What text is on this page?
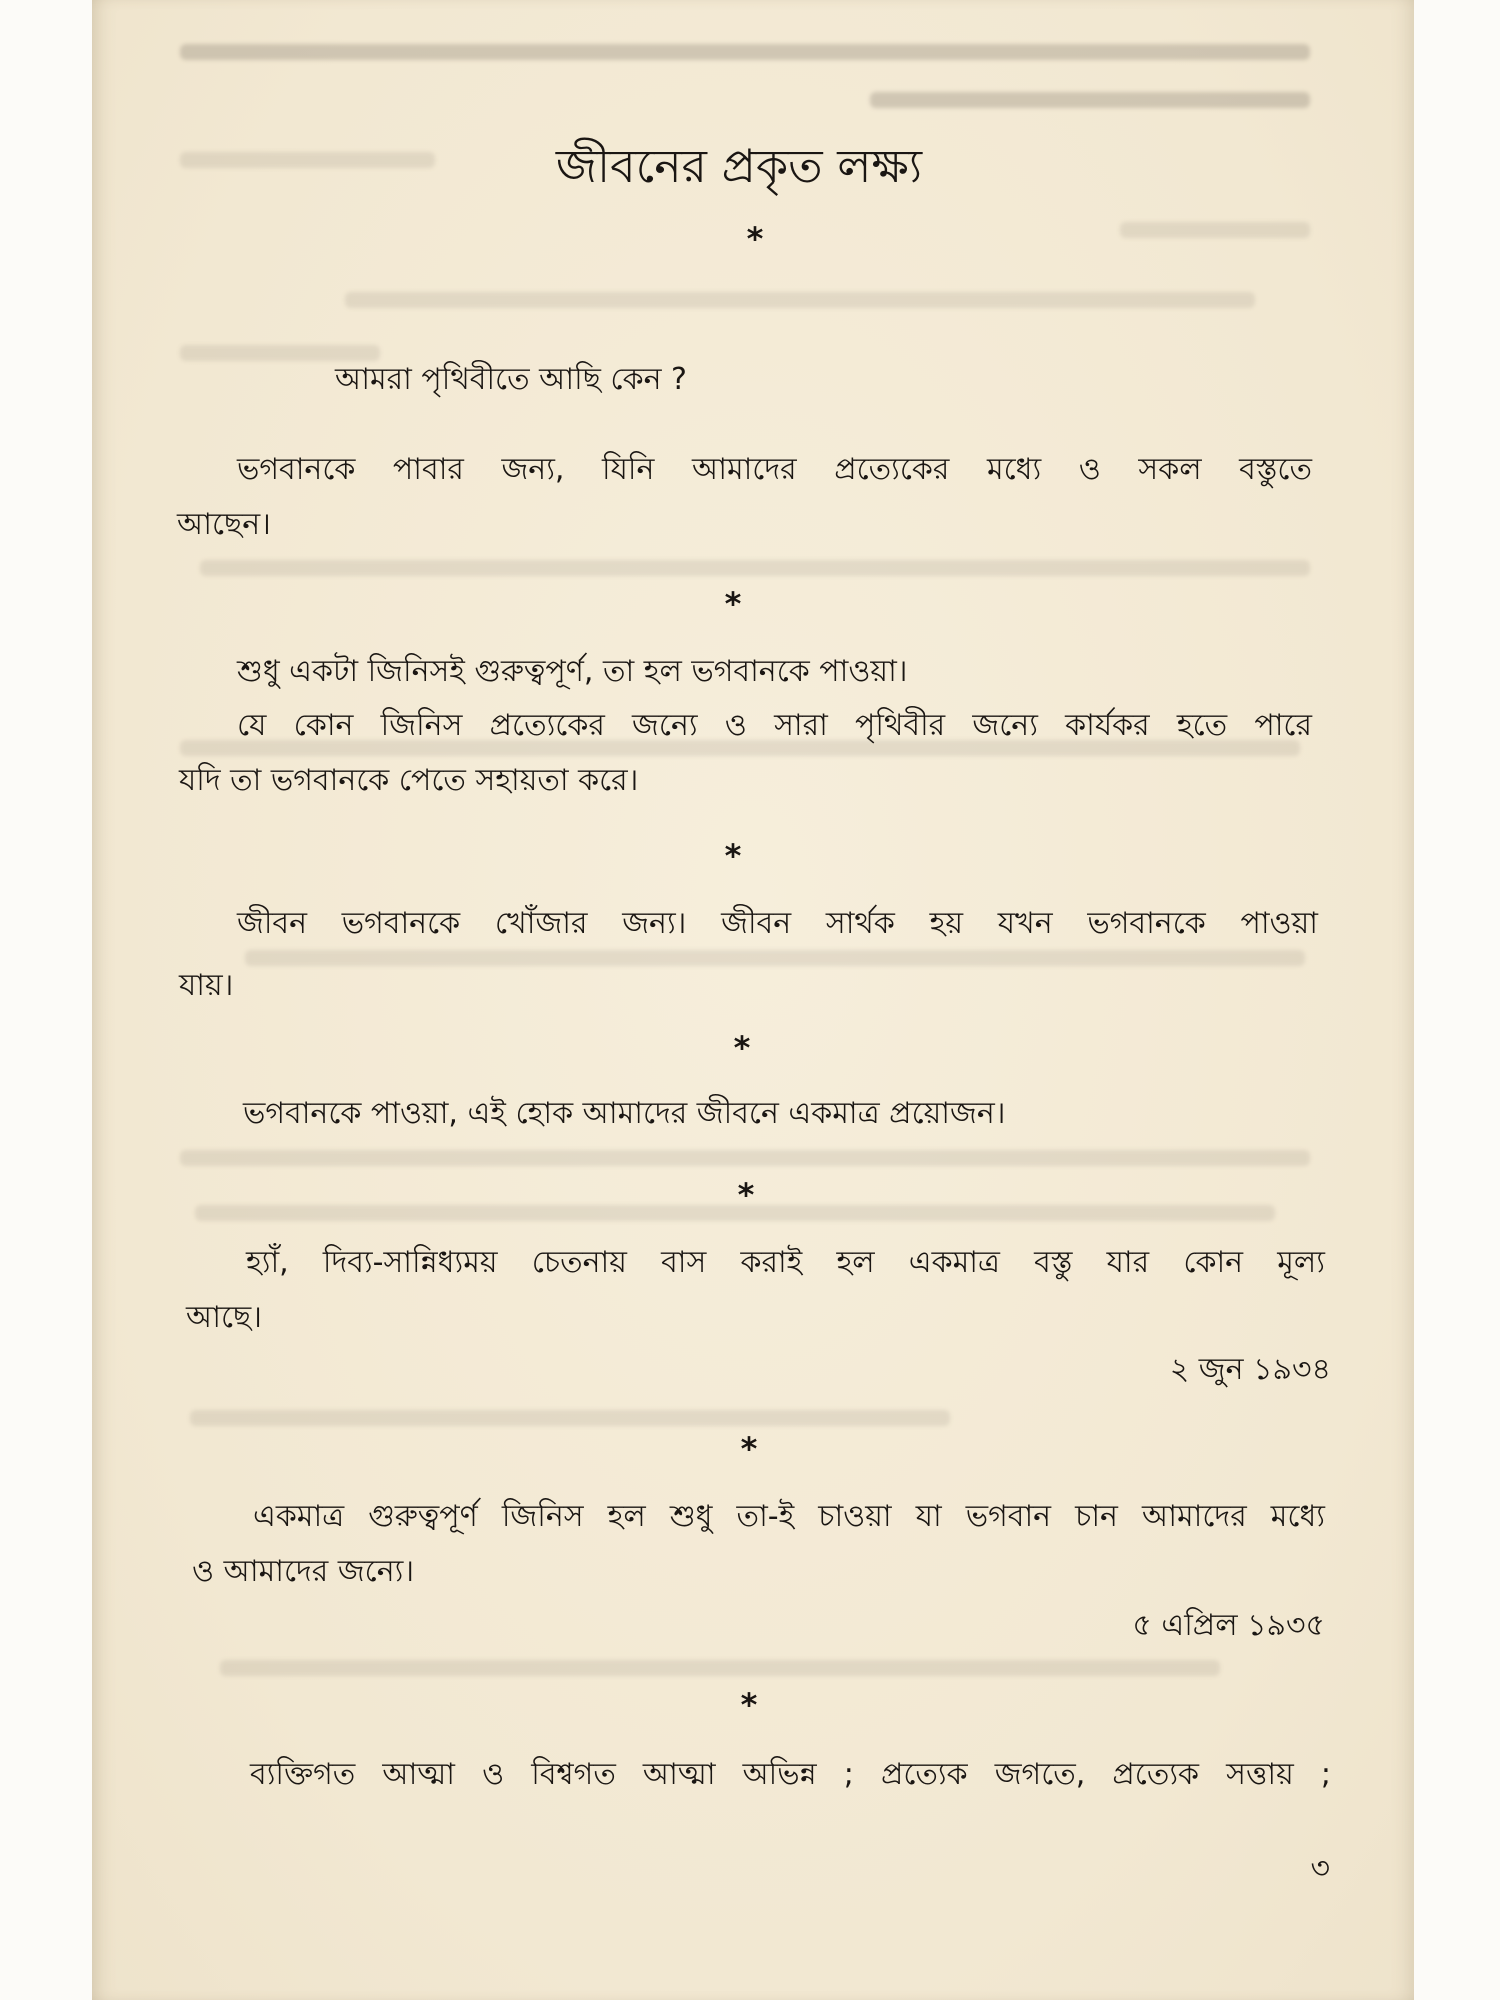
জীবনের প্রকৃত লক্ষ্য
*
আমরা পৃথিবীতে আছি কেন ?
ভগবানকে পাবার জন্য, যিনি আমাদের প্রত্যেকের মধ্যে ও সকল বস্তুতে
আছেন।
*
শুধু একটা জিনিসই গুরুত্বপূর্ণ, তা হল ভগবানকে পাওয়া।
যে কোন জিনিস প্রত্যেকের জন্যে ও সারা পৃথিবীর জন্যে কার্যকর হতে পারে
যদি তা ভগবানকে পেতে সহায়তা করে।
*
জীবন ভগবানকে খোঁজার জন্য। জীবন সার্থক হয় যখন ভগবানকে পাওয়া
যায়।
*
ভগবানকে পাওয়া, এই হোক আমাদের জীবনে একমাত্র প্রয়োজন।
*
হ্যাঁ, দিব্য-সান্নিধ্যময় চেতনায় বাস করাই হল একমাত্র বস্তু যার কোন মূল্য
আছে।
২ জুন ১৯৩৪
*
একমাত্র গুরুত্বপূর্ণ জিনিস হল শুধু তা-ই চাওয়া যা ভগবান চান আমাদের মধ্যে
ও আমাদের জন্যে।
৫ এপ্রিল ১৯৩৫
*
ব্যক্তিগত আত্মা ও বিশ্বগত আত্মা অভিন্ন ; প্রত্যেক জগতে, প্রত্যেক সত্তায় ;
৩
